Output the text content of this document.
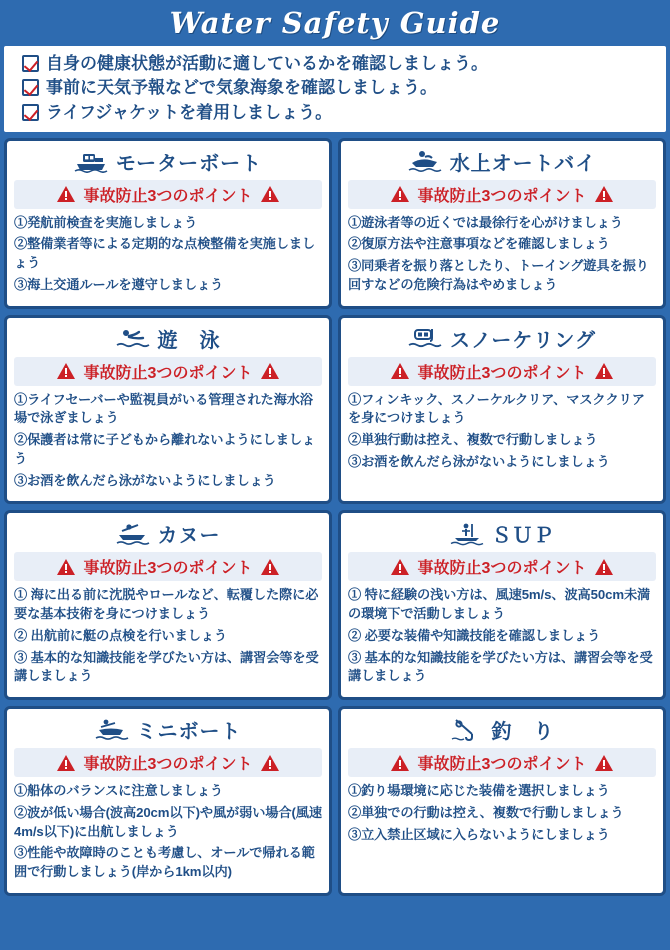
Water Safety Guide
自身の健康状態が活動に適しているかを確認しましょう。
事前に天気予報などで気象海象を確認しましょう。
ライフジャケットを着用しましょう。
モーターボート
事故防止3つのポイント
①発航前検査を実施しましょう
②整備業者等による定期的な点検整備を実施しましょう
③海上交通ルールを遵守しましょう
水上オートバイ
事故防止3つのポイント
①遊泳者等の近くでは最徐行を心がけましょう
②復原方法や注意事項などを確認しましょう
③同乗者を振り落としたり、トーイング遊具を振り回すなどの危険行為はやめましょう
遊　泳
事故防止3つのポイント
①ライフセーバーや監視員がいる管理された海水浴場で泳ぎましょう
②保護者は常に子どもから離れないようにしましょう
③お酒を飲んだら泳がないようにしましょう
スノーケリング
事故防止3つのポイント
①フィンキック、スノーケルクリア、マスククリアを身につけましょう
②単独行動は控え、複数で行動しましょう
③お酒を飲んだら泳がないようにしましょう
カヌー
事故防止3つのポイント
① 海に出る前に沈脱やロールなど、転覆した際に必要な基本技術を身につけましょう
② 出航前に艇の点検を行いましょう
③ 基本的な知識技能を学びたい方は、講習会等を受講しましょう
ＳＵＰ
事故防止3つのポイント
① 特に経験の浅い方は、風速5m/s、波高50cm未満の環境下で活動しましょう
② 必要な装備や知識技能を確認しましょう
③ 基本的な知識技能を学びたい方は、講習会等を受講しましょう
ミニボート
事故防止3つのポイント
①船体のバランスに注意しましょう
②波が低い場合(波高20cm以下)や風が弱い場合(風速4m/s以下)に出航しましょう
③性能や故障時のことも考慮し、オールで帰れる範囲で行動しましょう(岸から1km以内)
釣　り
事故防止3つのポイント
①釣り場環境に応じた装備を選択しましょう
②単独での行動は控え、複数で行動しましょう
③立入禁止区域に入らないようにしましょう
